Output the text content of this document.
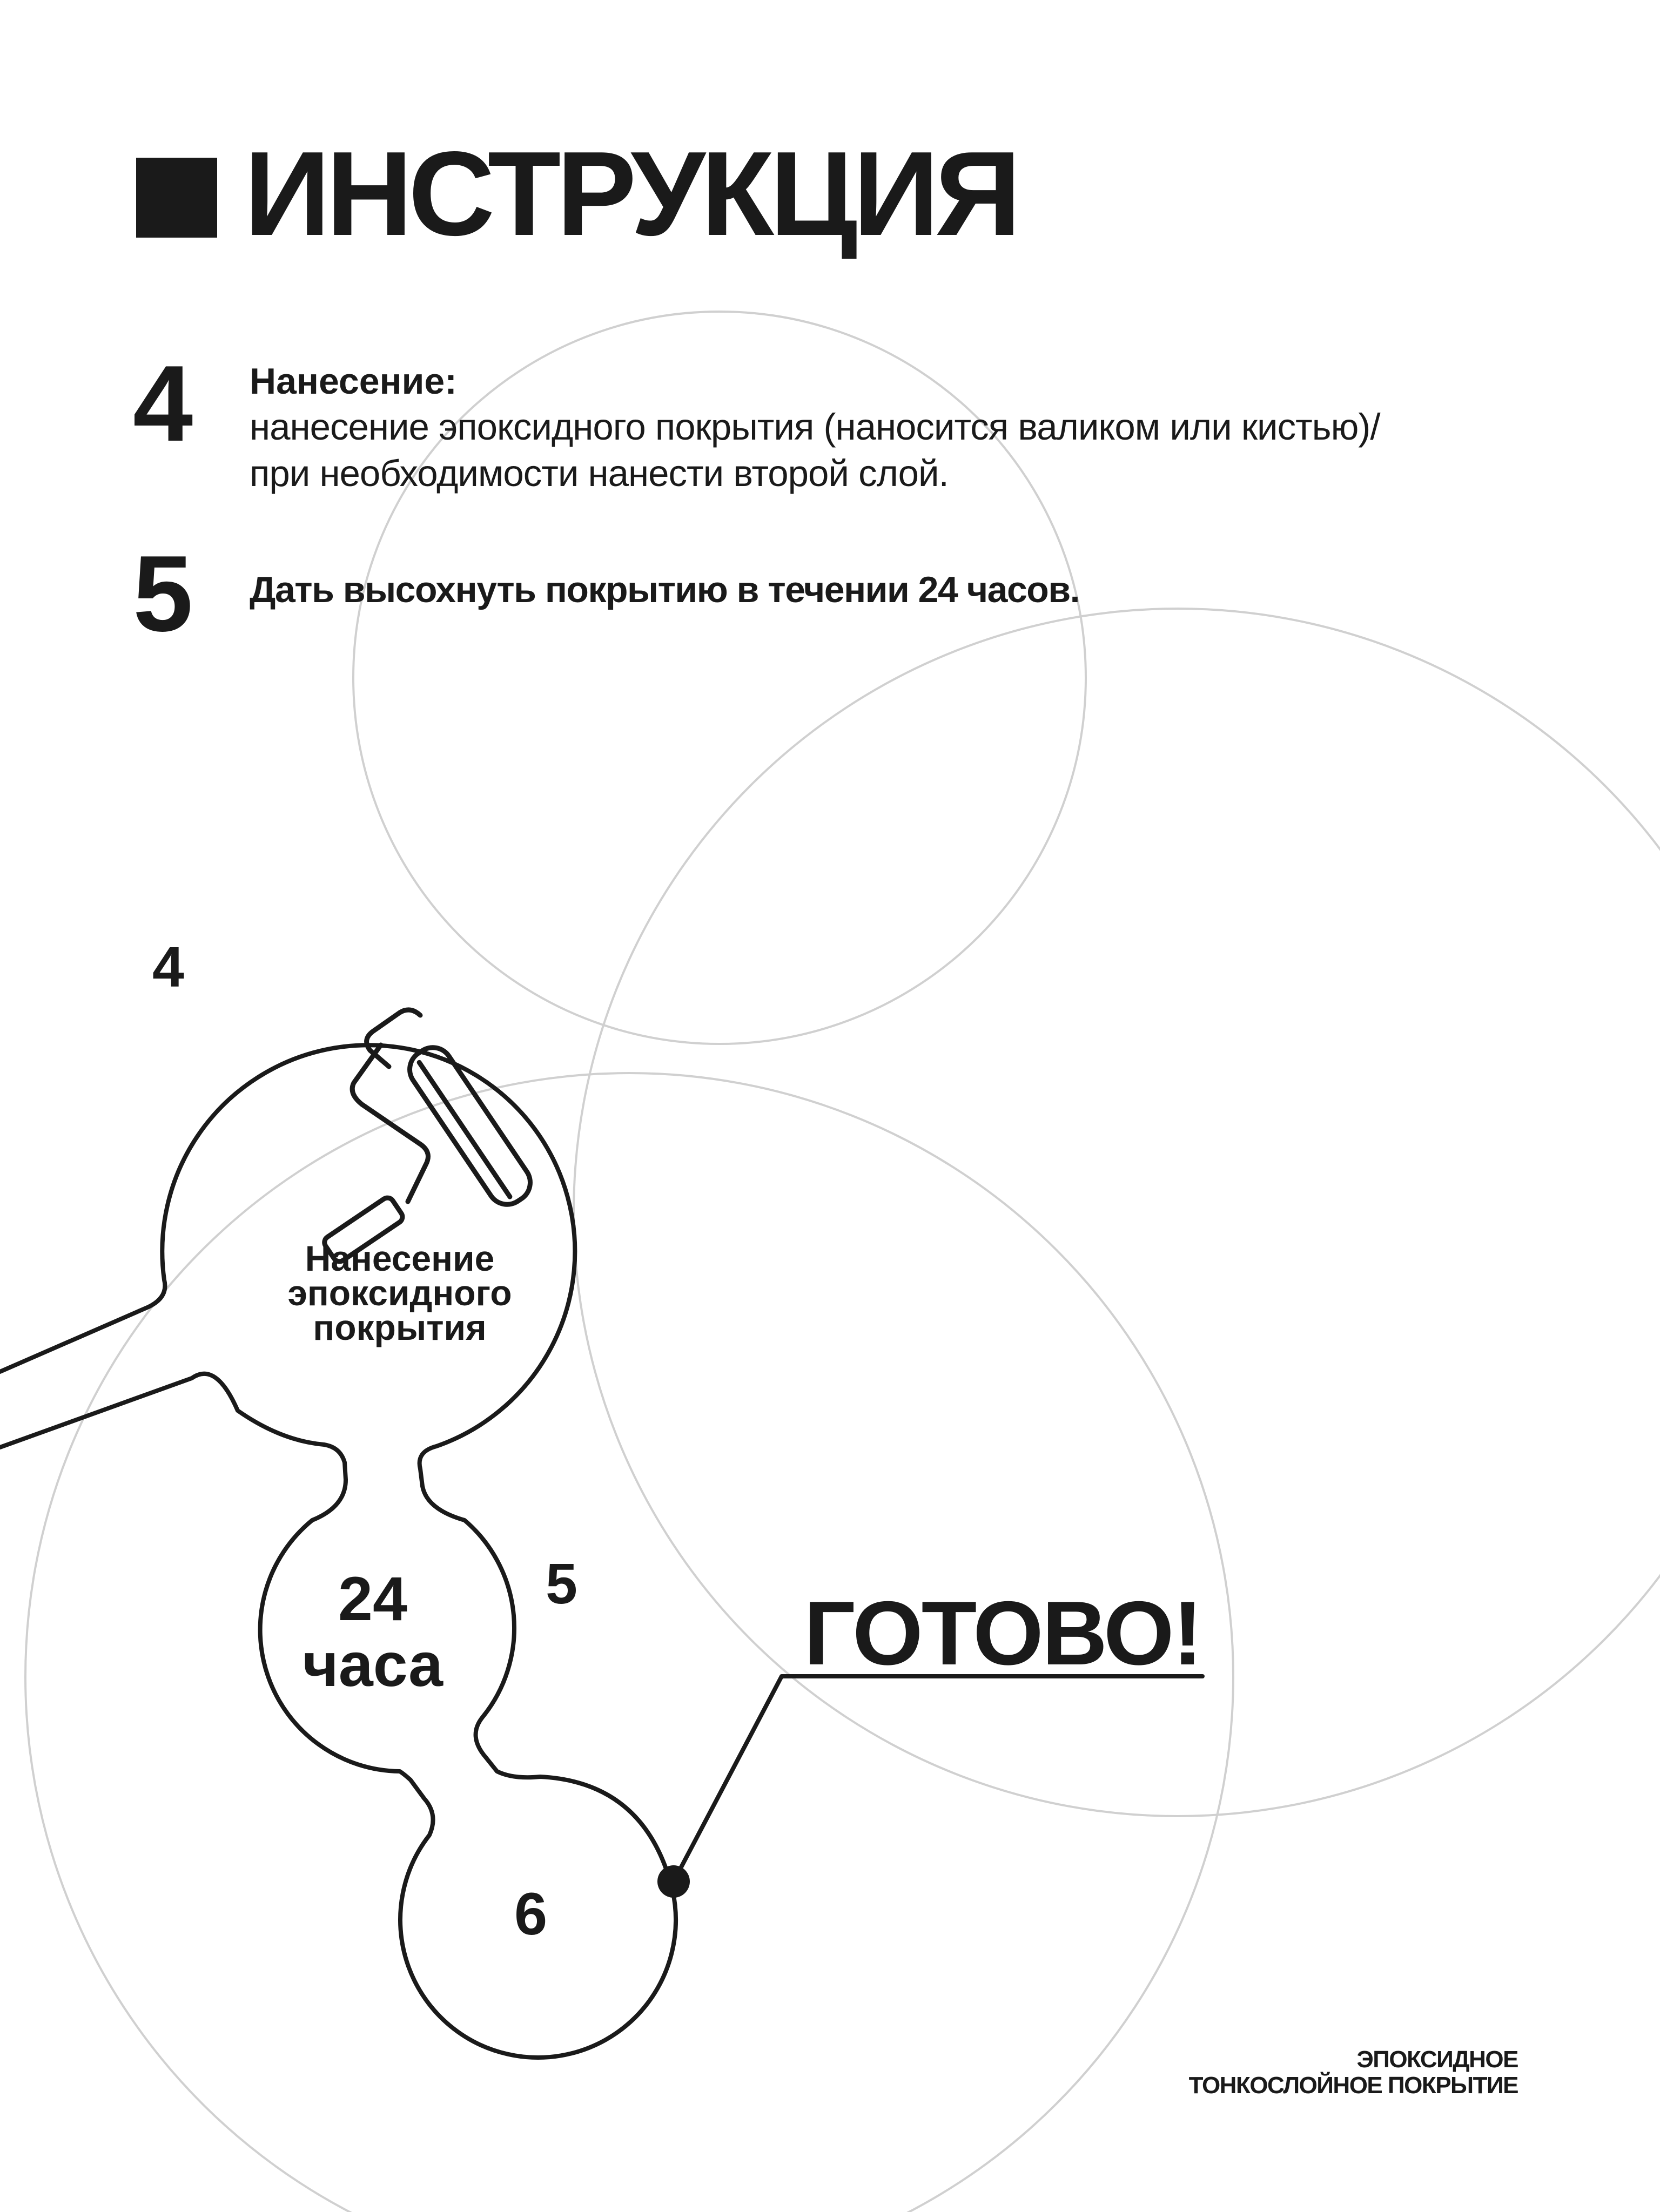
ИНСТРУКЦИЯ
4 Нанесение:
нанесение эпоксидного покрытия (наносится валиком или кистью)/
при необходимости нанести второй слой.
5 Дать высохнуть покрытию в течении 24 часов.
4
Нанесение
эпоксидного
покрытия
5
24
часа
6
ГОТОВО!
ЭПОКСИДНОЕ
ТОНКОСЛОЙНОЕ ПОКРЫТИЕ
